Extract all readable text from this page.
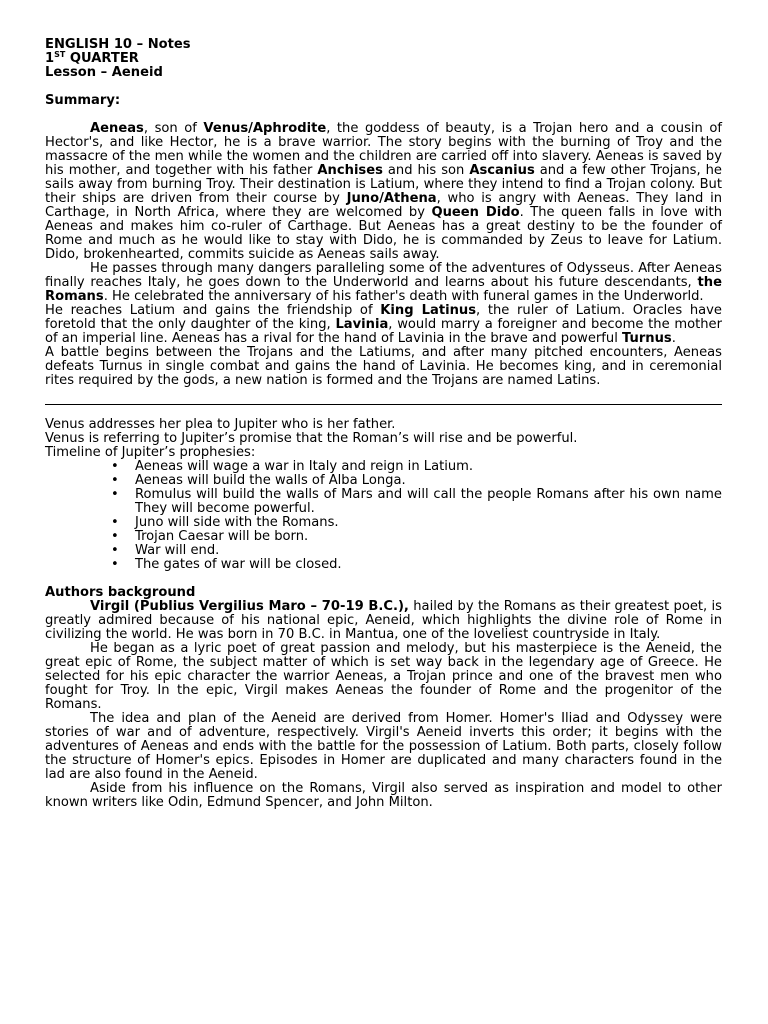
ENGLISH 10 – Notes
1ST QUARTER
Lesson – Aeneid
Summary:

Aeneas, son of Venus/Aphrodite, the goddess of beauty, is a Trojan hero and a cousin of Hector's, and like Hector, he is a brave warrior. The story begins with the burning of Troy and the massacre of the men while the women and the children are carried off into slavery. Aeneas is saved by his mother, and together with his father Anchises and his son Ascanius and a few other Trojans, he sails away from burning Troy. Their destination is Latium, where they intend to find a Trojan colony. But their ships are driven from their course by Juno/Athena, who is angry with Aeneas. They land in Carthage, in North Africa, where they are welcomed by Queen Dido. The queen falls in love with Aeneas and makes him co-ruler of Carthage. But Aeneas has a great destiny to be the founder of Rome and much as he would like to stay with Dido, he is commanded by Zeus to leave for Latium. Dido, brokenhearted, commits suicide as Aeneas sails away.

He passes through many dangers paralleling some of the adventures of Odysseus. After Aeneas finally reaches Italy, he goes down to the Underworld and learns about his future descendants, the Romans. He celebrated the anniversary of his father's death with funeral games in the Underworld.

He reaches Latium and gains the friendship of King Latinus, the ruler of Latium. Oracles have foretold that the only daughter of the king, Lavinia, would marry a foreigner and become the mother of an imperial line. Aeneas has a rival for the hand of Lavinia in the brave and powerful Turnus.

A battle begins between the Trojans and the Latiums, and after many pitched encounters, Aeneas defeats Turnus in single combat and gains the hand of Lavinia. He becomes king, and in ceremonial rites required by the gods, a new nation is formed and the Trojans are named Latins.

Venus addresses her plea to Jupiter who is her father.

Venus is referring to Jupiter’s promise that the Roman’s will rise and be powerful.

Timeline of Jupiter’s prophesies:

• Aeneas will wage a war in Italy and reign in Latium.
• Aeneas will build the walls of Alba Longa.
• Romulus will build the walls of Mars and will call the people Romans after his own name They will become powerful.
• Juno will side with the Romans.
• Trojan Caesar will be born.
• War will end.
• The gates of war will be closed.
Authors background

Virgil (Publius Vergilius Maro – 70-19 B.C.), hailed by the Romans as their greatest poet, is greatly admired because of his national epic, Aeneid, which highlights the divine role of Rome in civilizing the world. He was born in 70 B.C. in Mantua, one of the loveliest countryside in Italy.

He began as a lyric poet of great passion and melody, but his masterpiece is the Aeneid, the great epic of Rome, the subject matter of which is set way back in the legendary age of Greece. He selected for his epic character the warrior Aeneas, a Trojan prince and one of the bravest men who fought for Troy. In the epic, Virgil makes Aeneas the founder of Rome and the progenitor of the Romans.

The idea and plan of the Aeneid are derived from Homer. Homer's Iliad and Odyssey were stories of war and of adventure, respectively. Virgil's Aeneid inverts this order; it begins with the adventures of Aeneas and ends with the battle for the possession of Latium. Both parts, closely follow the structure of Homer's epics. Episodes in Homer are duplicated and many characters found in the lad are also found in the Aeneid.

Aside from his influence on the Romans, Virgil also served as inspiration and model to other known writers like Odin, Edmund Spencer, and John Milton.
